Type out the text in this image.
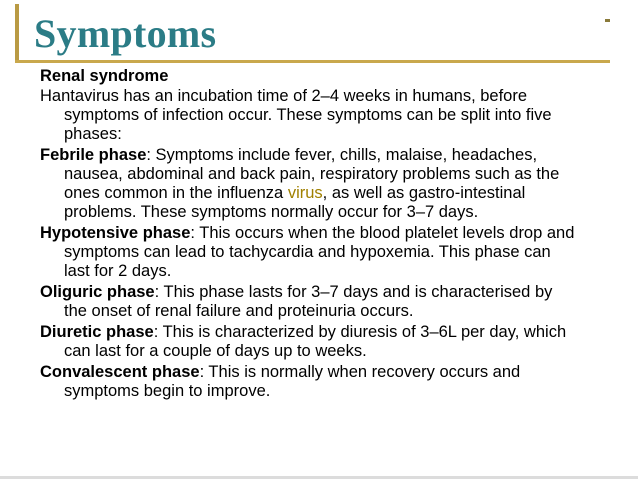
Symptoms

Renal syndrome

Hantavirus has an incubation time of 2–4 weeks in humans, before symptoms of infection occur. These symptoms can be split into five phases:

Febrile phase: Symptoms include fever, chills, malaise, headaches, nausea, abdominal and back pain, respiratory problems such as the ones common in the influenza virus, as well as gastro-intestinal problems. These symptoms normally occur for 3–7 days.

Hypotensive phase: This occurs when the blood platelet levels drop and symptoms can lead to tachycardia and hypoxemia. This phase can last for 2 days.

Oliguric phase: This phase lasts for 3–7 days and is characterised by the onset of renal failure and proteinuria occurs.

Diuretic phase: This is characterized by diuresis of 3–6L per day, which can last for a couple of days up to weeks.

Convalescent phase: This is normally when recovery occurs and symptoms begin to improve.
